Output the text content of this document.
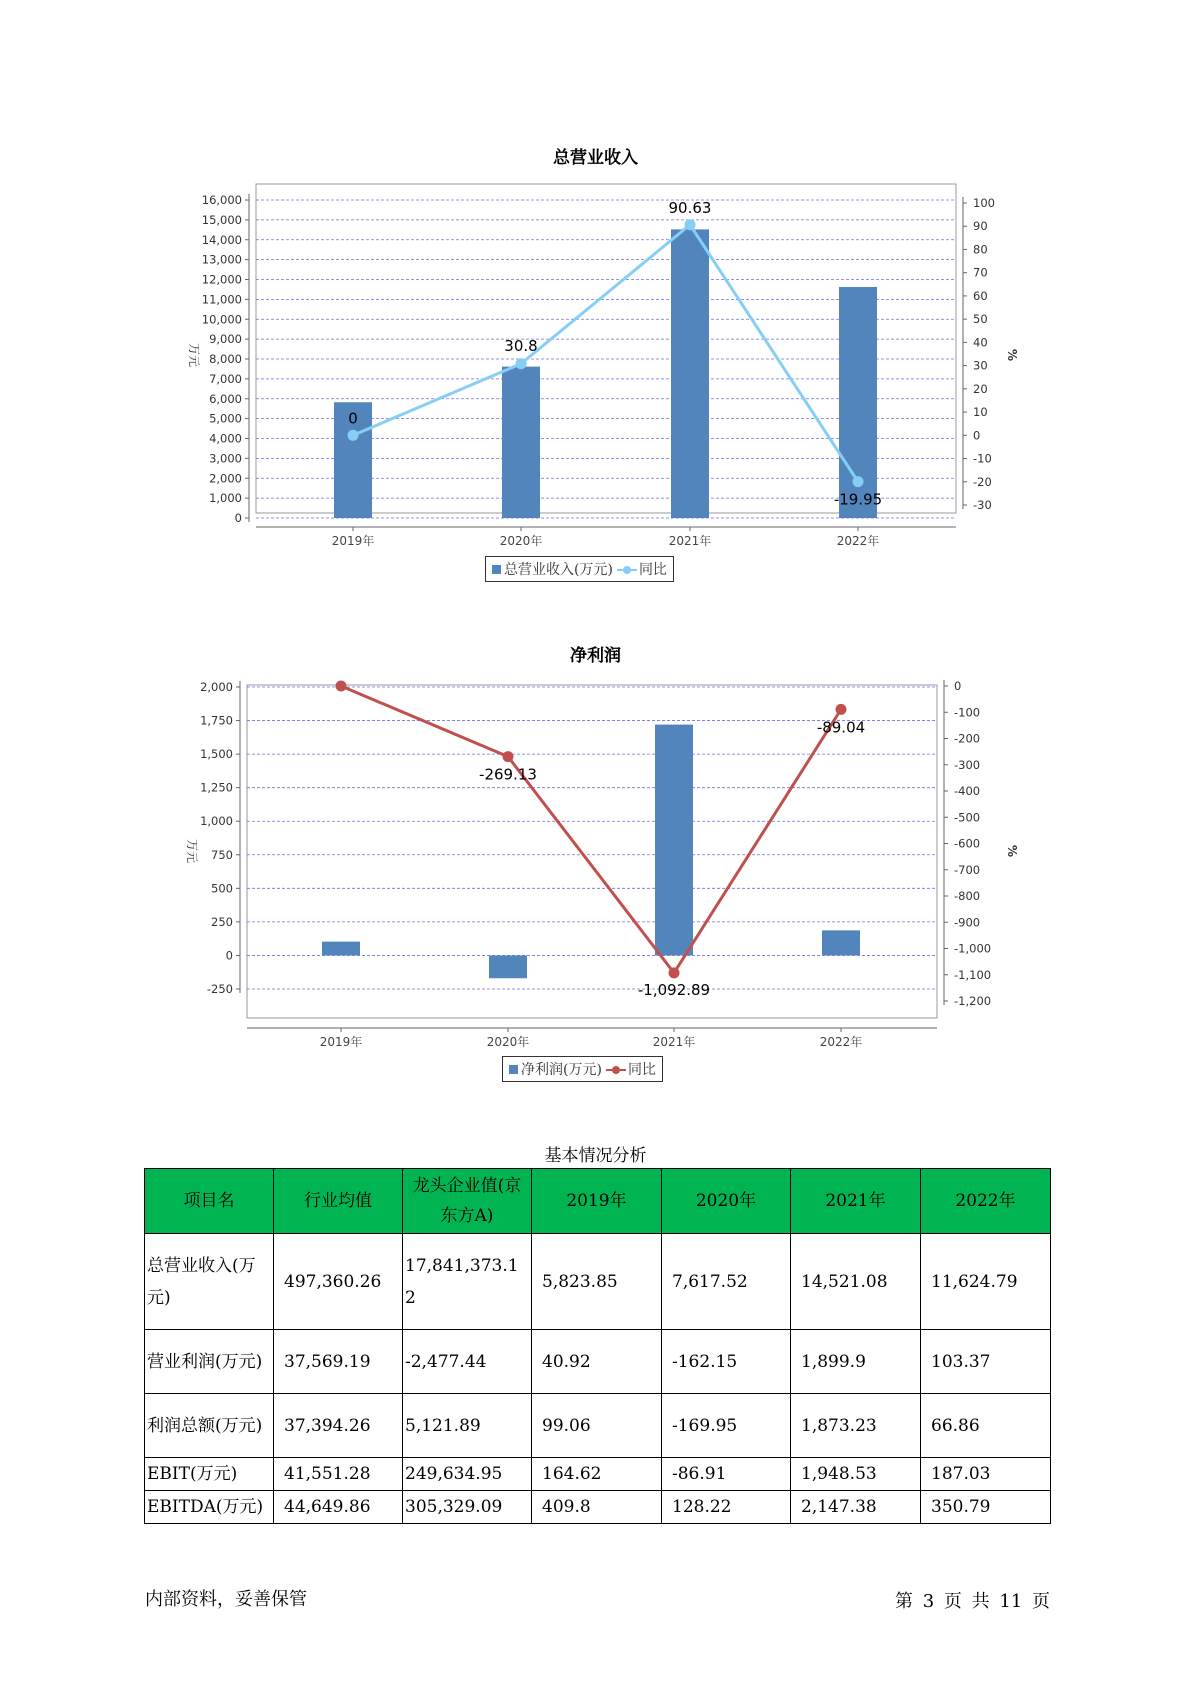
总营业收入
0
1,000
2,000
3,000
4,000
5,000
6,000
7,000
8,000
9,000
10,000
11,000
12,000
13,000
14,000
15,000
16,000
-30
-20
-10
0
10
20
30
40
50
60
70
80
90
100
万元	%
2019年	2020年	2021年	2022年
0
30.8
90.63
-19.95
总营业收入(万元) 同比
净利润
-250
0
250
500
750
1,000
1,250
1,500
1,750
2,000
-1,200
-1,100
-1,000
-900
-800
-700
-600
-500
-400
-300
-200
-100
0
万元	%
2019年	2020年	2021年	2022年
-269.13
-1,092.89
-89.04
净利润(万元) 同比
基本情况分析
项目名	行业均值	龙头企业值(京东方A)	2019年	2020年	2021年	2022年
总营业收入(万元)	497,360.26	17,841,373.12	5,823.85	7,617.52	14,521.08	11,624.79
营业利润(万元)	37,569.19	-2,477.44	40.92	-162.15	1,899.9	103.37
利润总额(万元)	37,394.26	5,121.89	99.06	-169.95	1,873.23	66.86
EBIT(万元)	41,551.28	249,634.95	164.62	-86.91	1,948.53	187.03
EBITDA(万元)	44,649.86	305,329.09	409.8	128.22	2,147.38	350.79
内部资料，妥善保管	第 3 页 共 11 页
